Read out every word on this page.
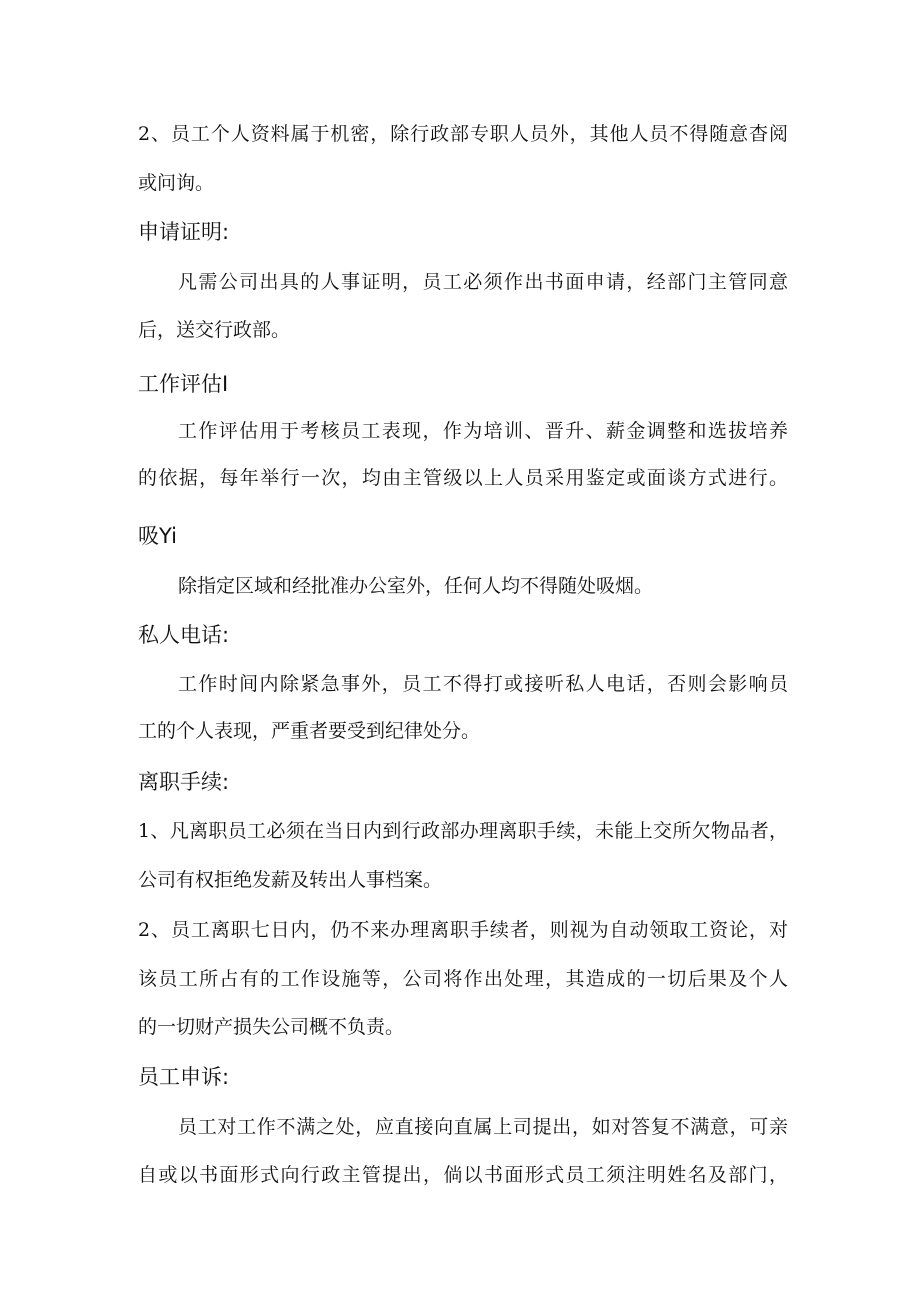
2、员工个人资料属于机密，除行政部专职人员外，其他人员不得随意杳阅
或问询。
申请证明:
凡需公司出具的人事证明，员工必须作出书面申请，经部门主管同意
后，送交行政部。
工作评估I
工作评估用于考核员工表现，作为培训、晋升、薪金调整和选拔培养
的依据，每年举行一次，均由主管级以上人员采用鉴定或面谈方式进行。
吸Yi
除指定区域和经批准办公室外，任何人均不得随处吸烟。
私人电话:
工作时间内除紧急事外，员工不得打或接听私人电话，否则会影响员
工的个人表现，严重者要受到纪律处分。
离职手续:
1、凡离职员工必须在当日内到行政部办理离职手续，未能上交所欠物品者，
公司有权拒绝发薪及转出人事档案。
2、员工离职七日内，仍不来办理离职手续者，则视为自动领取工资论，对
该员工所占有的工作设施等，公司将作出处理，其造成的一切后果及个人
的一切财产损失公司概不负责。
员工申诉:
员工对工作不满之处，应直接向直属上司提出，如对答复不满意，可亲
自或以书面形式向行政主管提出，倘以书面形式员工须注明姓名及部门，
